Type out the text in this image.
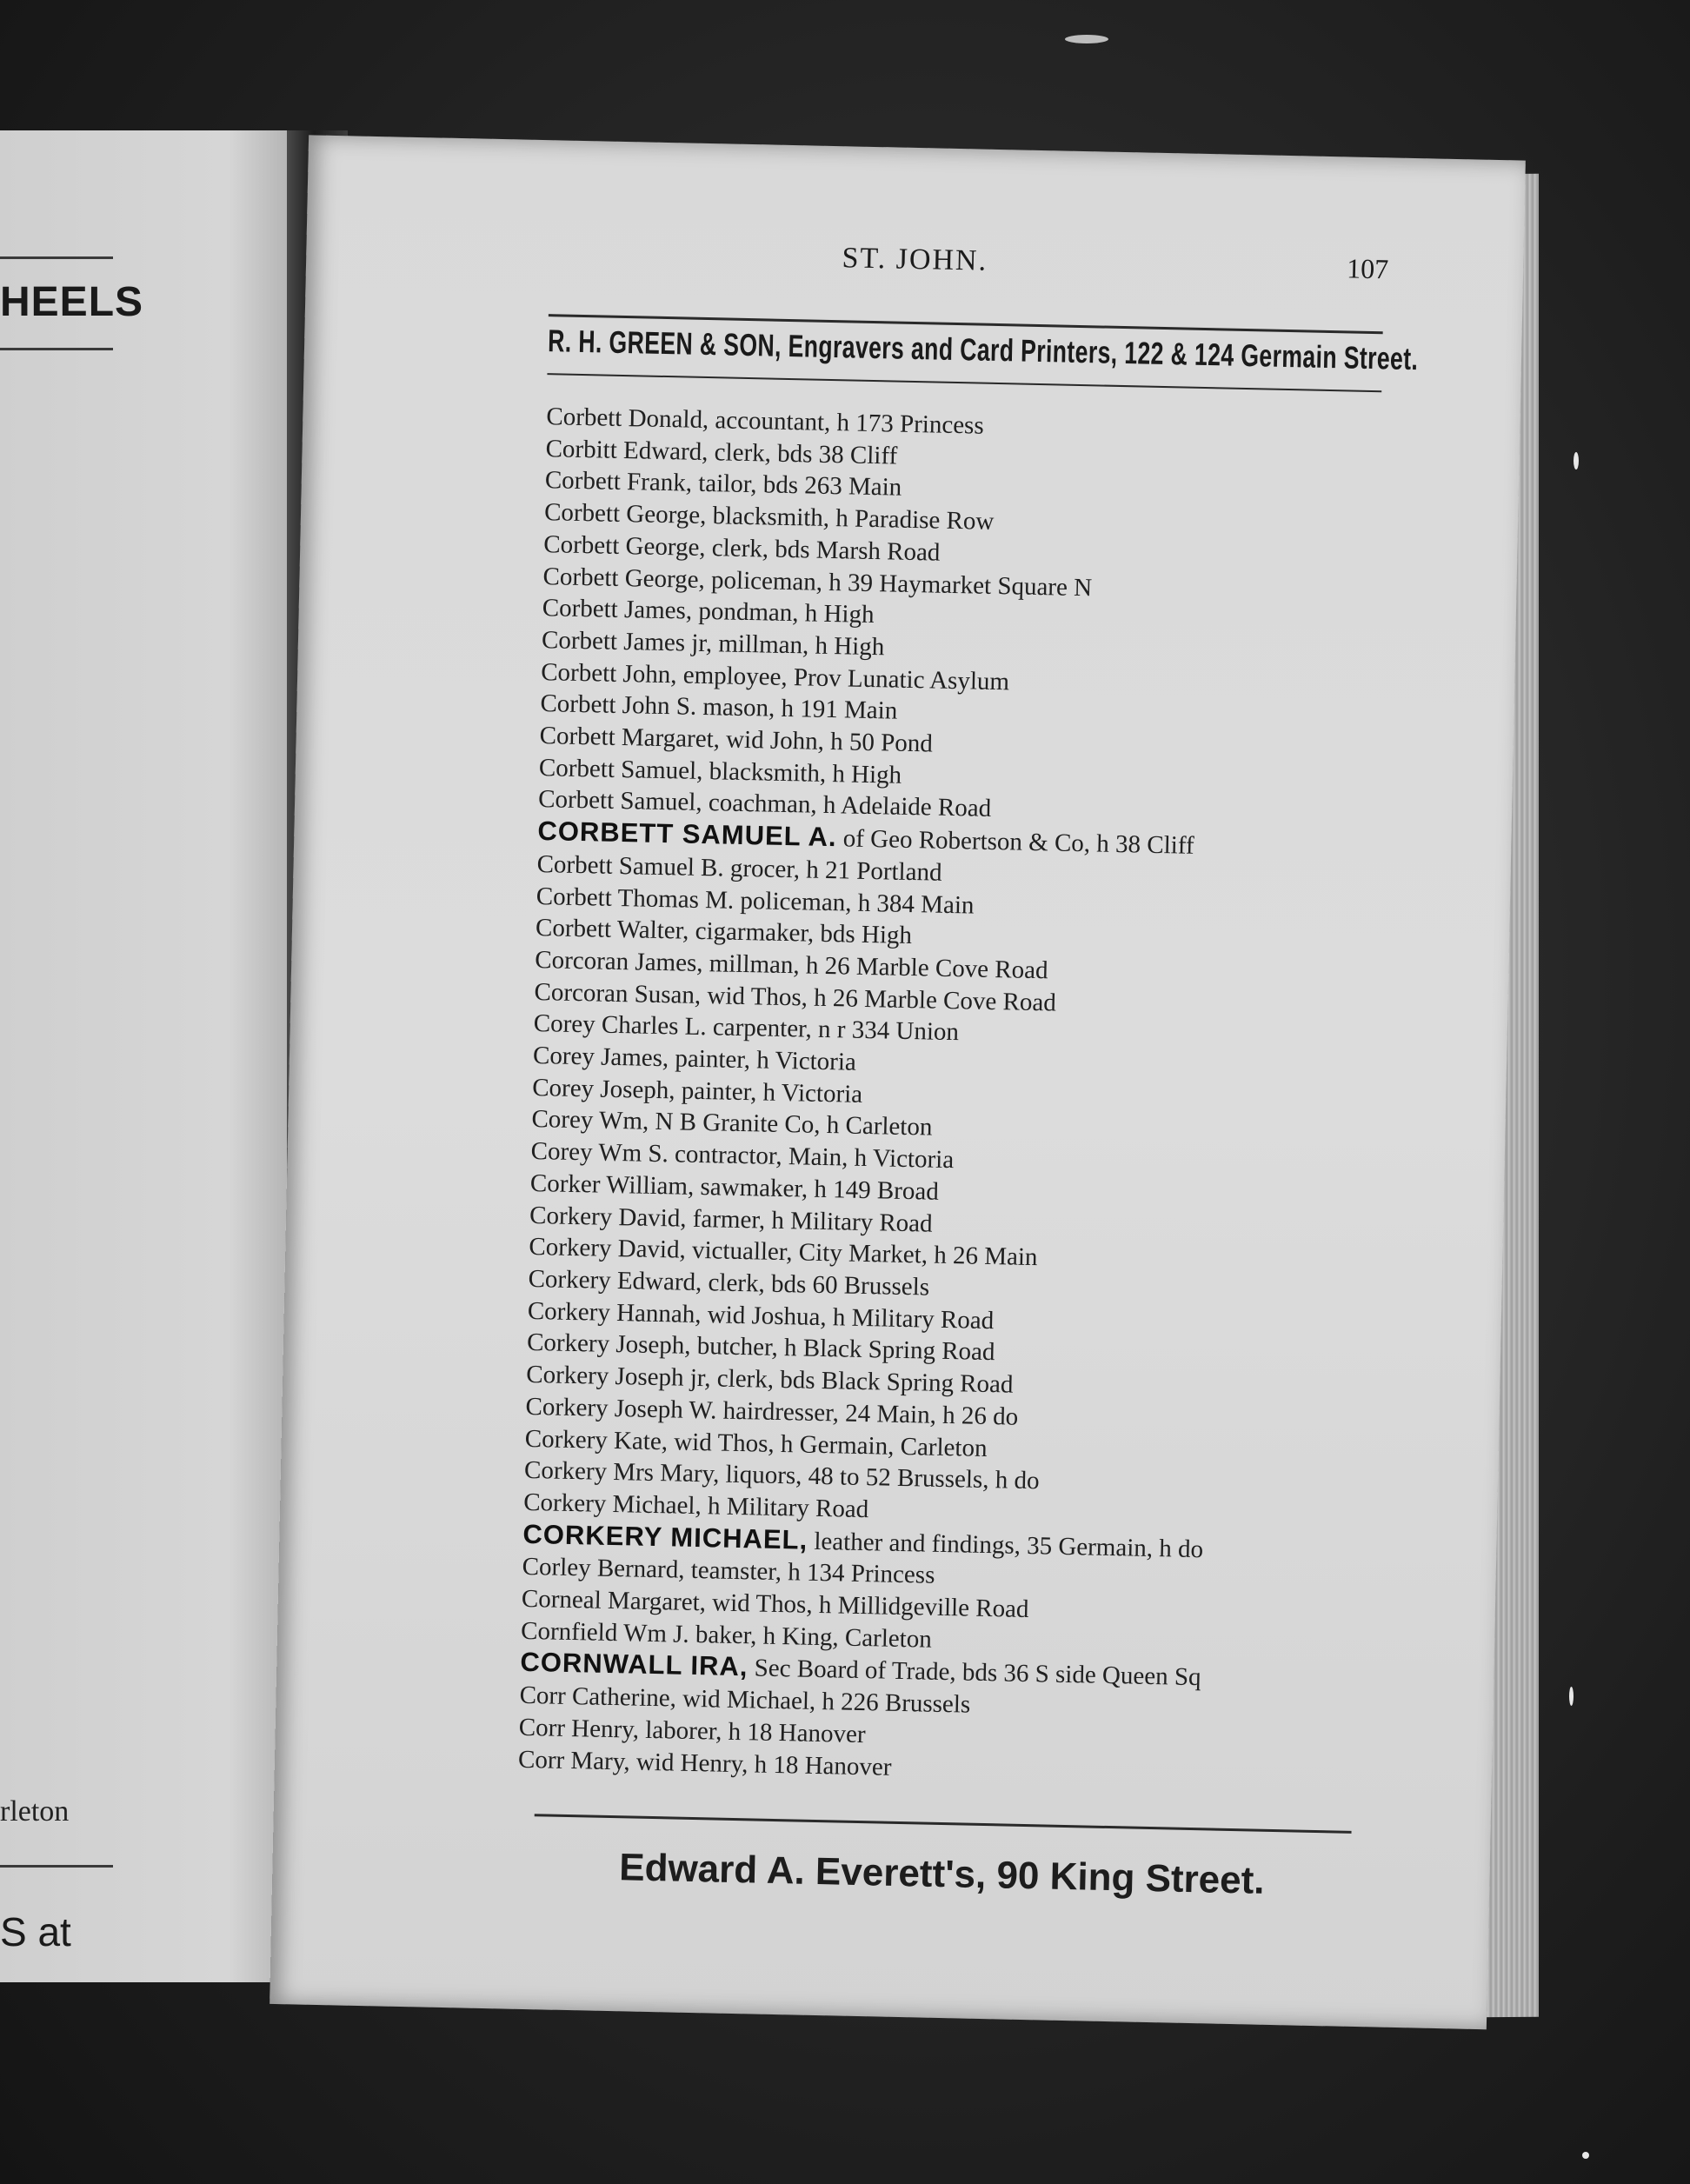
HEELS
rleton
S at
ST. JOHN.	107
R. H. GREEN & SON, Engravers and Card Printers, 122 & 124 Germain Street.
Corbett Donald, accountant, h 173 Princess
Corbitt Edward, clerk, bds 38 Cliff
Corbett Frank, tailor, bds 263 Main
Corbett George, blacksmith, h Paradise Row
Corbett George, clerk, bds Marsh Road
Corbett George, policeman, h 39 Haymarket Square N
Corbett James, pondman, h High
Corbett James jr, millman, h High
Corbett John, employee, Prov Lunatic Asylum
Corbett John S. mason, h 191 Main
Corbett Margaret, wid John, h 50 Pond
Corbett Samuel, blacksmith, h High
Corbett Samuel, coachman, h Adelaide Road
CORBETT SAMUEL A. of Geo Robertson & Co, h 38 Cliff
Corbett Samuel B. grocer, h 21 Portland
Corbett Thomas M. policeman, h 384 Main
Corbett Walter, cigarmaker, bds High
Corcoran James, millman, h 26 Marble Cove Road
Corcoran Susan, wid Thos, h 26 Marble Cove Road
Corey Charles L. carpenter, n r 334 Union
Corey James, painter, h Victoria
Corey Joseph, painter, h Victoria
Corey Wm, N B Granite Co, h Carleton
Corey Wm S. contractor, Main, h Victoria
Corker William, sawmaker, h 149 Broad
Corkery David, farmer, h Military Road
Corkery David, victualler, City Market, h 26 Main
Corkery Edward, clerk, bds 60 Brussels
Corkery Hannah, wid Joshua, h Military Road
Corkery Joseph, butcher, h Black Spring Road
Corkery Joseph jr, clerk, bds Black Spring Road
Corkery Joseph W. hairdresser, 24 Main, h 26 do
Corkery Kate, wid Thos, h Germain, Carleton
Corkery Mrs Mary, liquors, 48 to 52 Brussels, h do
Corkery Michael, h Military Road
CORKERY MICHAEL, leather and findings, 35 Germain, h do
Corley Bernard, teamster, h 134 Princess
Corneal Margaret, wid Thos, h Millidgeville Road
Cornfield Wm J. baker, h King, Carleton
CORNWALL IRA, Sec Board of Trade, bds 36 S side Queen Sq
Corr Catherine, wid Michael, h 226 Brussels
Corr Henry, laborer, h 18 Hanover
Corr Mary, wid Henry, h 18 Hanover
Edward A. Everett's, 90 King Street.
